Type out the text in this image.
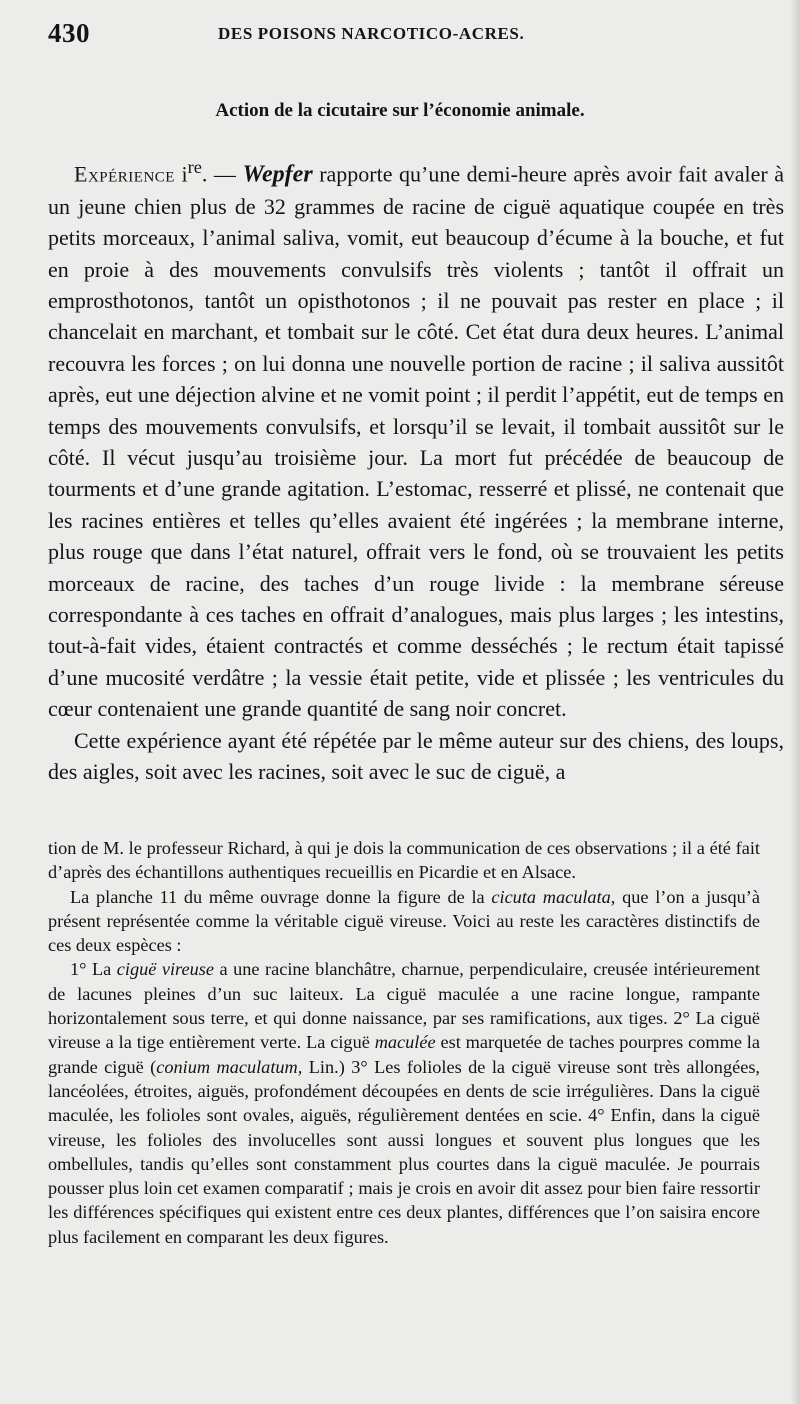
430	DES POISONS NARCOTICO-ACRES.
Action de la cicutaire sur l’économie animale.

Expérience $i^{re}$. — Wepfer rapporte qu’une demi-heure après avoir fait avaler à un jeune chien plus de 32 grammes de racine de ciguë aquatique coupée en très petits morceaux, l’animal saliva, vomit, eut beaucoup d’écume à la bouche, et fut en proie à des mouvements convulsifs très violents ; tantôt il offrait un emprosthotonos, tantôt un opisthotonos ; il ne pouvait pas rester en place ; il chancelait en marchant, et tombait sur le côté. Cet état dura deux heures. L’animal recouvra les forces ; on lui donna une nouvelle portion de racine ; il saliva aussitôt après, eut une déjection alvine et ne vomit point ; il perdit l’appétit, eut de temps en temps des mouvements convulsifs, et lorsqu’il se levait, il tombait aussitôt sur le côté. Il vécut jusqu’au troisième jour. La mort fut précédée de beaucoup de tourments et d’une grande agitation. L’estomac, resserré et plissé, ne contenait que les racines entières et telles qu’elles avaient été ingérées ; la membrane interne, plus rouge que dans l’état naturel, offrait vers le fond, où se trouvaient les petits morceaux de racine, des taches d’un rouge livide : la membrane séreuse correspondante à ces taches en offrait d’analogues, mais plus larges ; les intestins, tout-à-fait vides, étaient contractés et comme desséchés ; le rectum était tapissé d’une mucosité verdâtre ; la vessie était petite, vide et plissée ; les ventricules du cœur contenaient une grande quantité de sang noir concret.

Cette expérience ayant été répétée par le même auteur sur des chiens, des loups, des aigles, soit avec les racines, soit avec le suc de ciguë, a

tion de M. le professeur Richard, à qui je dois la communication de ces observations ; il a été fait d’après des échantillons authentiques recueillis en Picardie et en Alsace.

La planche 11 du même ouvrage donne la figure de la cicuta maculata, que l’on a jusqu’à présent représentée comme la véritable ciguë vireuse. Voici au reste les caractères distinctifs de ces deux espèces :

1° La ciguë vireuse a une racine blanchâtre, charnue, perpendiculaire, creusée intérieurement de lacunes pleines d’un suc laiteux. La ciguë maculée a une racine longue, rampante horizontalement sous terre, et qui donne naissance, par ses ramifications, aux tiges. 2° La ciguë vireuse a la tige entièrement verte. La ciguë maculée est marquetée de taches pourpres comme la grande ciguë (conium maculatum, Lin.) 3° Les folioles de la ciguë vireuse sont très allongées, lancéolées, étroites, aiguës, profondément découpées en dents de scie irrégulières. Dans la ciguë maculée, les folioles sont ovales, aiguës, régulièrement dentées en scie. 4° Enfin, dans la ciguë vireuse, les folioles des involucelles sont aussi longues et souvent plus longues que les ombellules, tandis qu’elles sont constamment plus courtes dans la ciguë maculée. Je pourrais pousser plus loin cet examen comparatif ; mais je crois en avoir dit assez pour bien faire ressortir les différences spécifiques qui existent entre ces deux plantes, différences que l’on saisira encore plus facilement en comparant les deux figures.
